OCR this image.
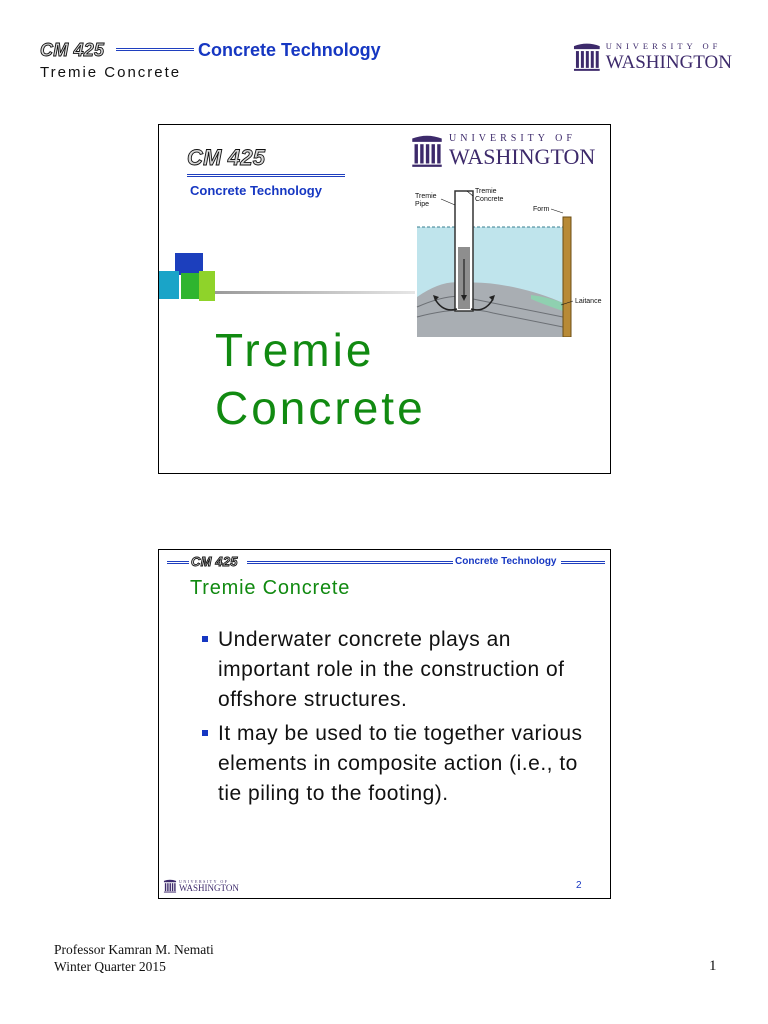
CM 425	Concrete Technology
Tremie Concrete
UNIVERSITY OF
WASHINGTON
CM 425
Concrete Technology
Tremie
Concrete
UNIVERSITY OF
WASHINGTON
Tremie Pipe
Tremie Concrete
Form
Laitance
CM 425	Concrete Technology
Tremie Concrete
Underwater concrete plays an important role in the construction of offshore structures.
It may be used to tie together various elements in composite action (i.e., to tie piling to the footing).
UNIVERSITY OF
WASHINGTON	2
Professor Kamran M. Nemati
Winter Quarter 2015	1
